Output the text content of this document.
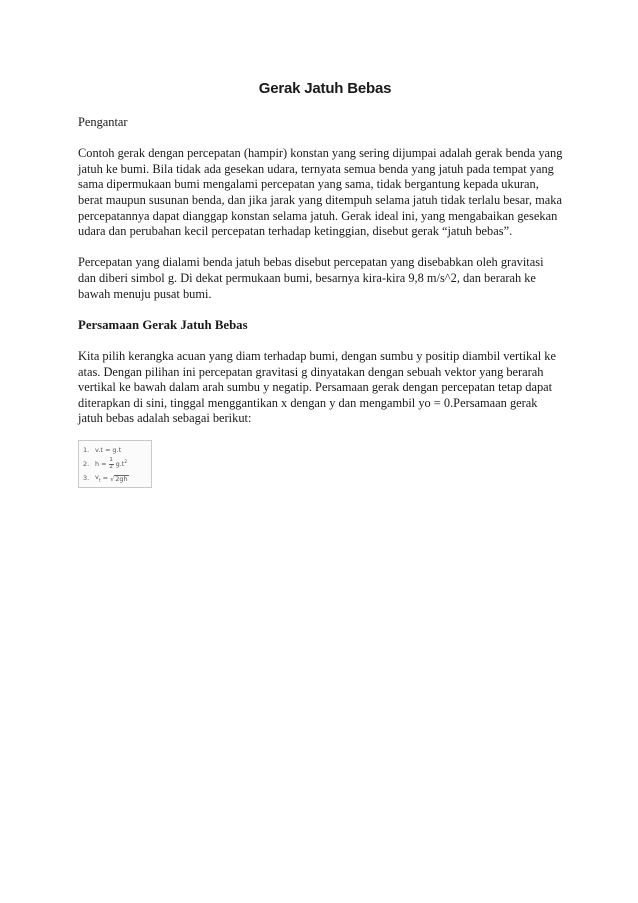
Gerak Jatuh Bebas

Pengantar

Contoh gerak dengan percepatan (hampir) konstan yang sering dijumpai adalah gerak benda yang jatuh ke bumi. Bila tidak ada gesekan udara, ternyata semua benda yang jatuh pada tempat yang sama dipermukaan bumi mengalami percepatan yang sama, tidak bergantung kepada ukuran, berat maupun susunan benda, dan jika jarak yang ditempuh selama jatuh tidak terlalu besar, maka percepatannya dapat dianggap konstan selama jatuh. Gerak ideal ini, yang mengabaikan gesekan udara dan perubahan kecil percepatan terhadap ketinggian, disebut gerak “jatuh bebas”.

Percepatan yang dialami benda jatuh bebas disebut percepatan yang disebabkan oleh gravitasi dan diberi simbol g. Di dekat permukaan bumi, besarnya kira-kira 9,8 m/s^2, dan berarah ke bawah menuju pusat bumi.

Persamaan Gerak Jatuh Bebas

Kita pilih kerangka acuan yang diam terhadap bumi, dengan sumbu y positip diambil vertikal ke atas. Dengan pilihan ini percepatan gravitasi g dinyatakan dengan sebuah vektor yang berarah vertikal ke bawah dalam arah sumbu y negatip. Persamaan gerak dengan percepatan tetap dapat diterapkan di sini, tinggal menggantikan x dengan y dan mengambil yo = 0.Persamaan gerak jatuh bebas adalah sebagai berikut:

1. v.t = g.t
2. $h = \frac{1}{2} g.t^2$
3. $v_t$ = √ 2gh
